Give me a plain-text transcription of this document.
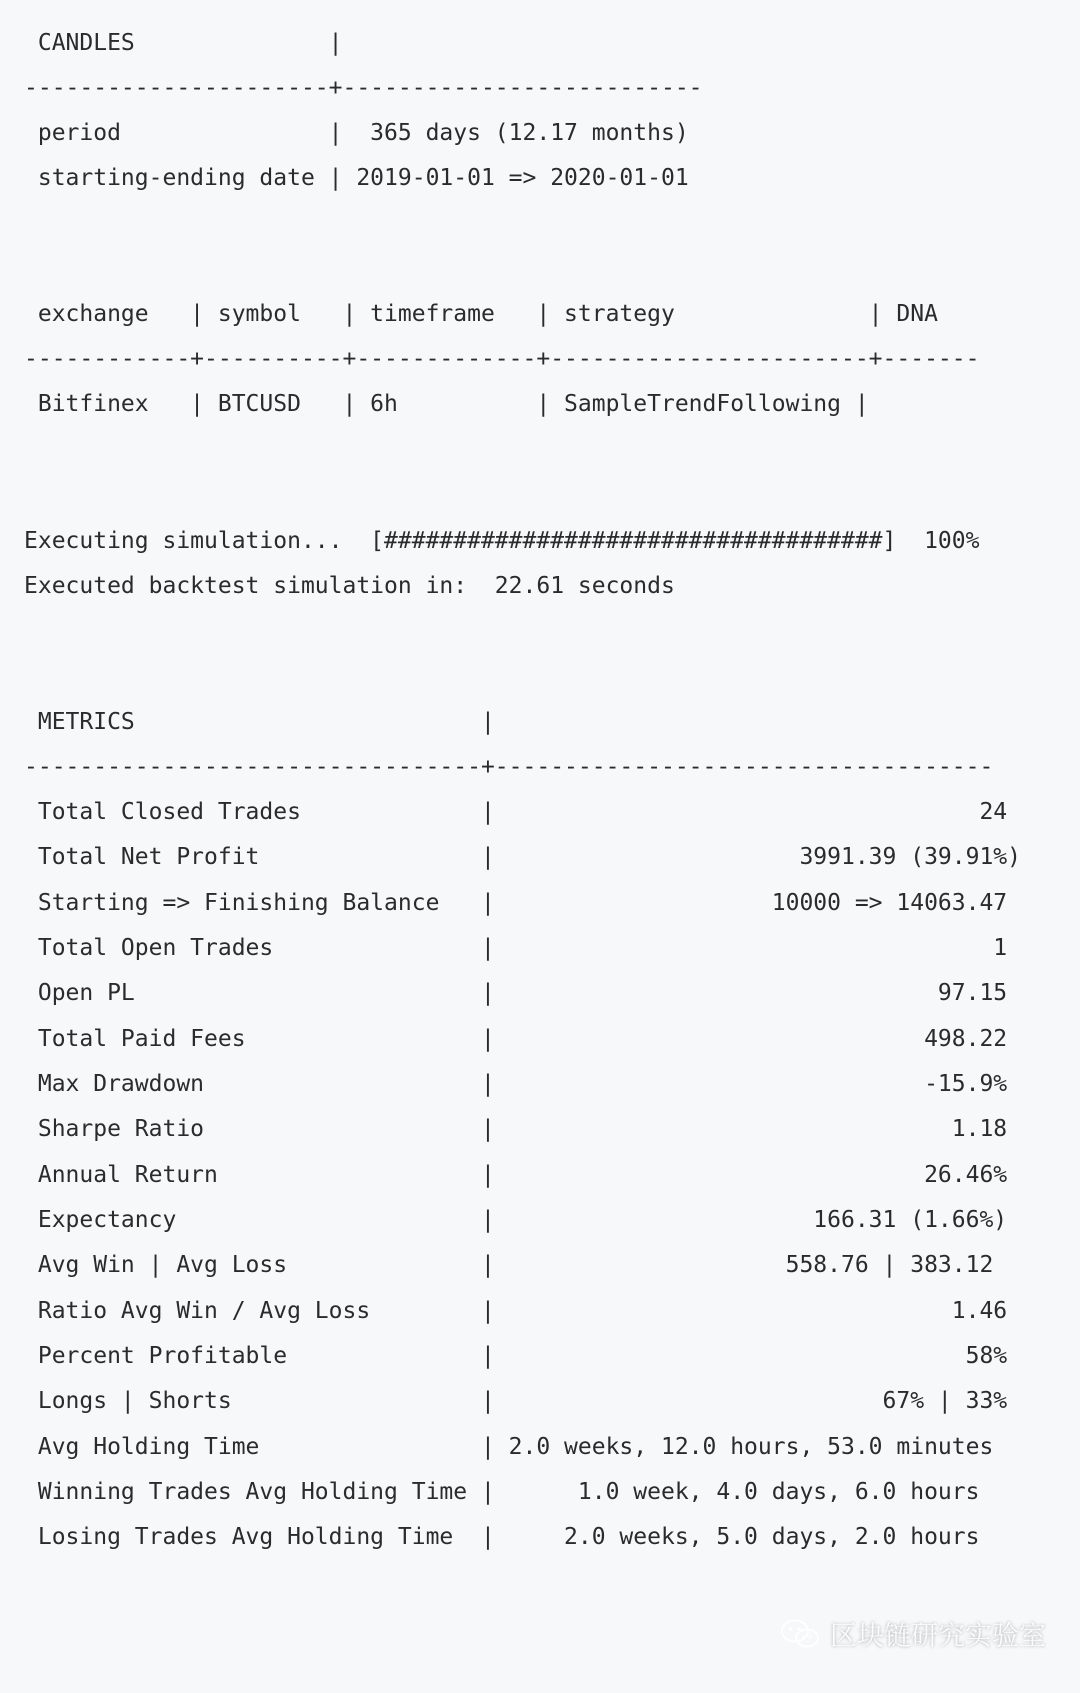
CANDLES              |
----------------------+--------------------------
period               |  365 days (12.17 months)
starting-ending date | 2019-01-01 => 2020-01-01
exchange   | symbol   | timeframe   | strategy              | DNA
------------+----------+-------------+-----------------------+-------
Bitfinex   | BTCUSD   | 6h          | SampleTrendFollowing |
Executing simulation...  [####################################]  100%
Executed backtest simulation in:  22.61 seconds
METRICS                         |
---------------------------------+------------------------------------
Total Closed Trades             |                                   24
Total Net Profit                |                      3991.39 (39.91%)
Starting => Finishing Balance   |                    10000 => 14063.47
Total Open Trades               |                                    1
Open PL                         |                                97.15
Total Paid Fees                 |                               498.22
Max Drawdown                    |                               -15.9%
Sharpe Ratio                    |                                 1.18
Annual Return                   |                               26.46%
Expectancy                      |                       166.31 (1.66%)
Avg Win | Avg Loss              |                     558.76 | 383.12
Ratio Avg Win / Avg Loss        |                                 1.46
Percent Profitable              |                                  58%
Longs | Shorts                  |                            67% | 33%
Avg Holding Time                | 2.0 weeks, 12.0 hours, 53.0 minutes
Winning Trades Avg Holding Time |      1.0 week, 4.0 days, 6.0 hours
Losing Trades Avg Holding Time  |     2.0 weeks, 5.0 days, 2.0 hours
区块链研究实验室
